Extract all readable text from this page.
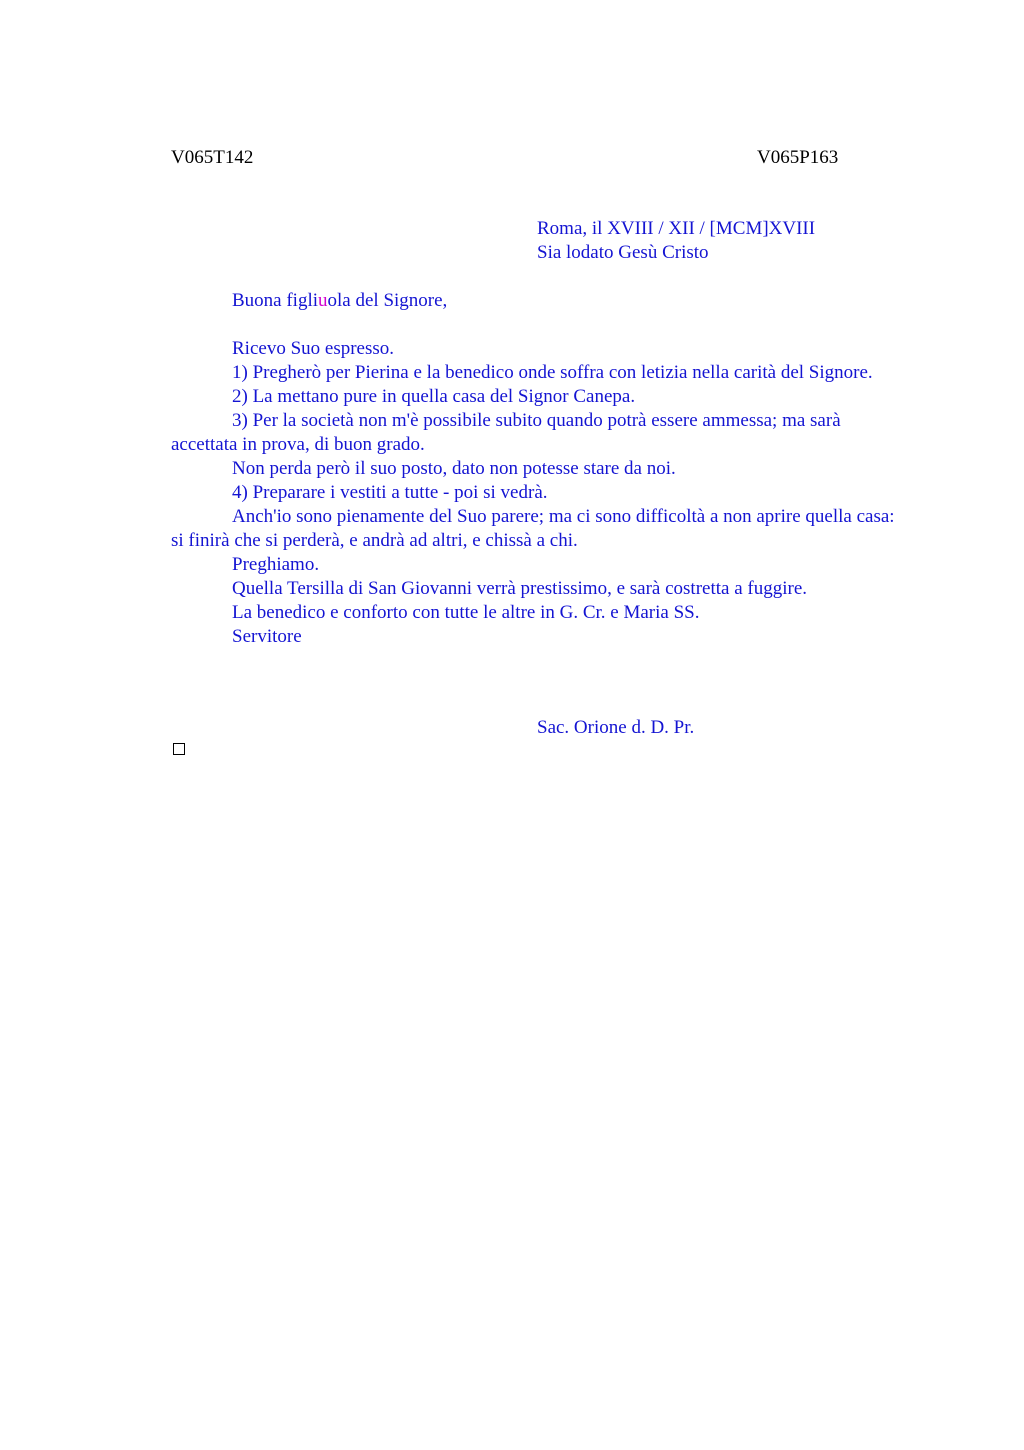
V065T142	V065P163
Roma, il XVIII / XII / [MCM]XVIII
Sia lodato Gesù Cristo
Buona figliuola del Signore,

Ricevo Suo espresso.

1) Pregherò per Pierina e la benedico onde soffra con letizia nella carità del Signore.

2) La mettano pure in quella casa del Signor Canepa.

3) Per la società non m'è possibile subito quando potrà essere ammessa; ma sarà accettata in prova, di buon grado.

Non perda però il suo posto, dato non potesse stare da noi.

4) Preparare i vestiti a tutte - poi si vedrà.

Anch'io sono pienamente del Suo parere; ma ci sono difficoltà a non aprire quella casa: si finirà che si perderà, e andrà ad altri, e chissà a chi.

Preghiamo.

Quella Tersilla di San Giovanni verrà prestissimo, e sarà costretta a fuggire.

La benedico e conforto con tutte le altre in G. Cr. e Maria SS.

Servitore

Sac. Orione d. D. Pr.
